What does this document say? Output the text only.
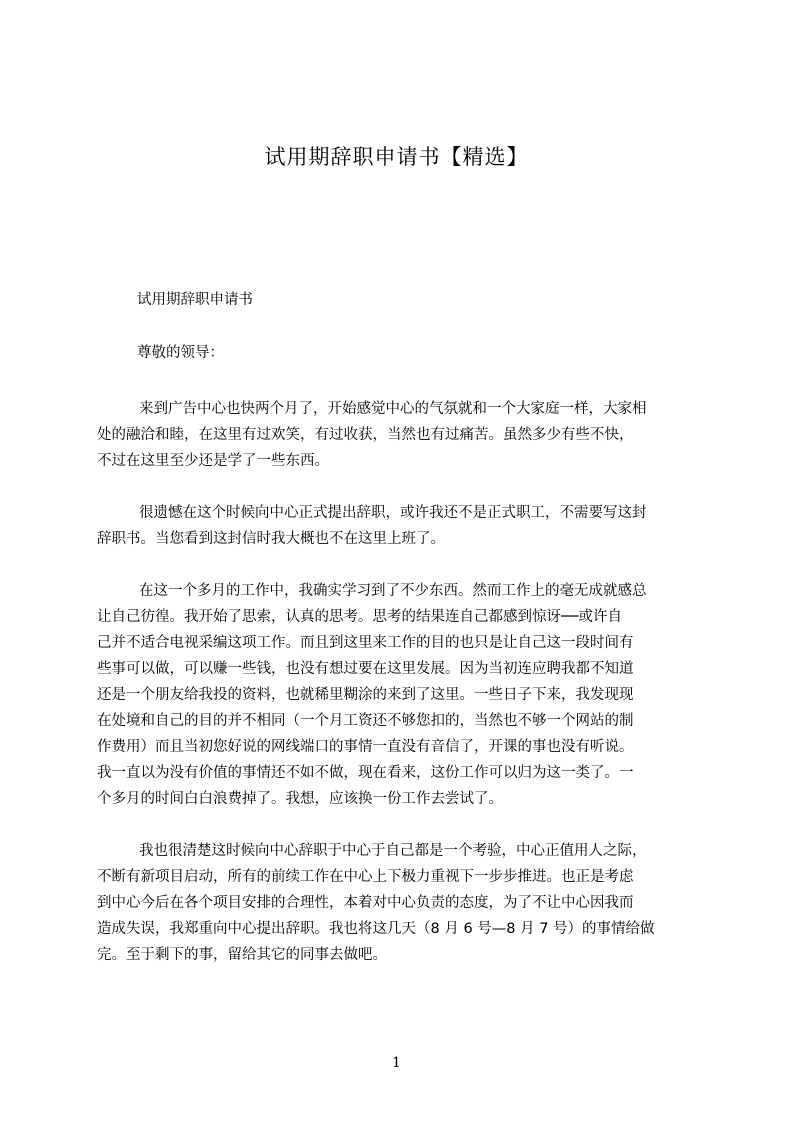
试用期辞职申请书【精选】
试用期辞职申请书
尊敬的领导：
来到广告中心也快两个月了，开始感觉中心的气氛就和一个大家庭一样，大家相
处的融洽和睦，在这里有过欢笑，有过收获，当然也有过痛苦。虽然多少有些不快，
不过在这里至少还是学了一些东西。
很遗憾在这个时候向中心正式提出辞职，或许我还不是正式职工，不需要写这封
辞职书。当您看到这封信时我大概也不在这里上班了。
在这一个多月的工作中，我确实学习到了不少东西。然而工作上的毫无成就感总
让自己彷徨。我开始了思索，认真的思考。思考的结果连自己都感到惊讶──或许自
己并不适合电视采编这项工作。而且到这里来工作的目的也只是让自己这一段时间有
些事可以做，可以赚一些钱，也没有想过要在这里发展。因为当初连应聘我都不知道
还是一个朋友给我投的资料，也就稀里糊涂的来到了这里。一些日子下来，我发现现
在处境和自己的目的并不相同（一个月工资还不够您扣的，当然也不够一个网站的制
作费用）而且当初您好说的网线端口的事情一直没有音信了，开课的事也没有听说。
我一直以为没有价值的事情还不如不做，现在看来，这份工作可以归为这一类了。一
个多月的时间白白浪费掉了。我想，应该换一份工作去尝试了。
我也很清楚这时候向中心辞职于中心于自己都是一个考验，中心正值用人之际，
不断有新项目启动，所有的前续工作在中心上下极力重视下一步步推进。也正是考虑
到中心今后在各个项目安排的合理性，本着对中心负责的态度，为了不让中心因我而
造成失误，我郑重向中心提出辞职。我也将这几天（8 月 6 号—8 月 7 号）的事情给做
完。至于剩下的事，留给其它的同事去做吧。
1
